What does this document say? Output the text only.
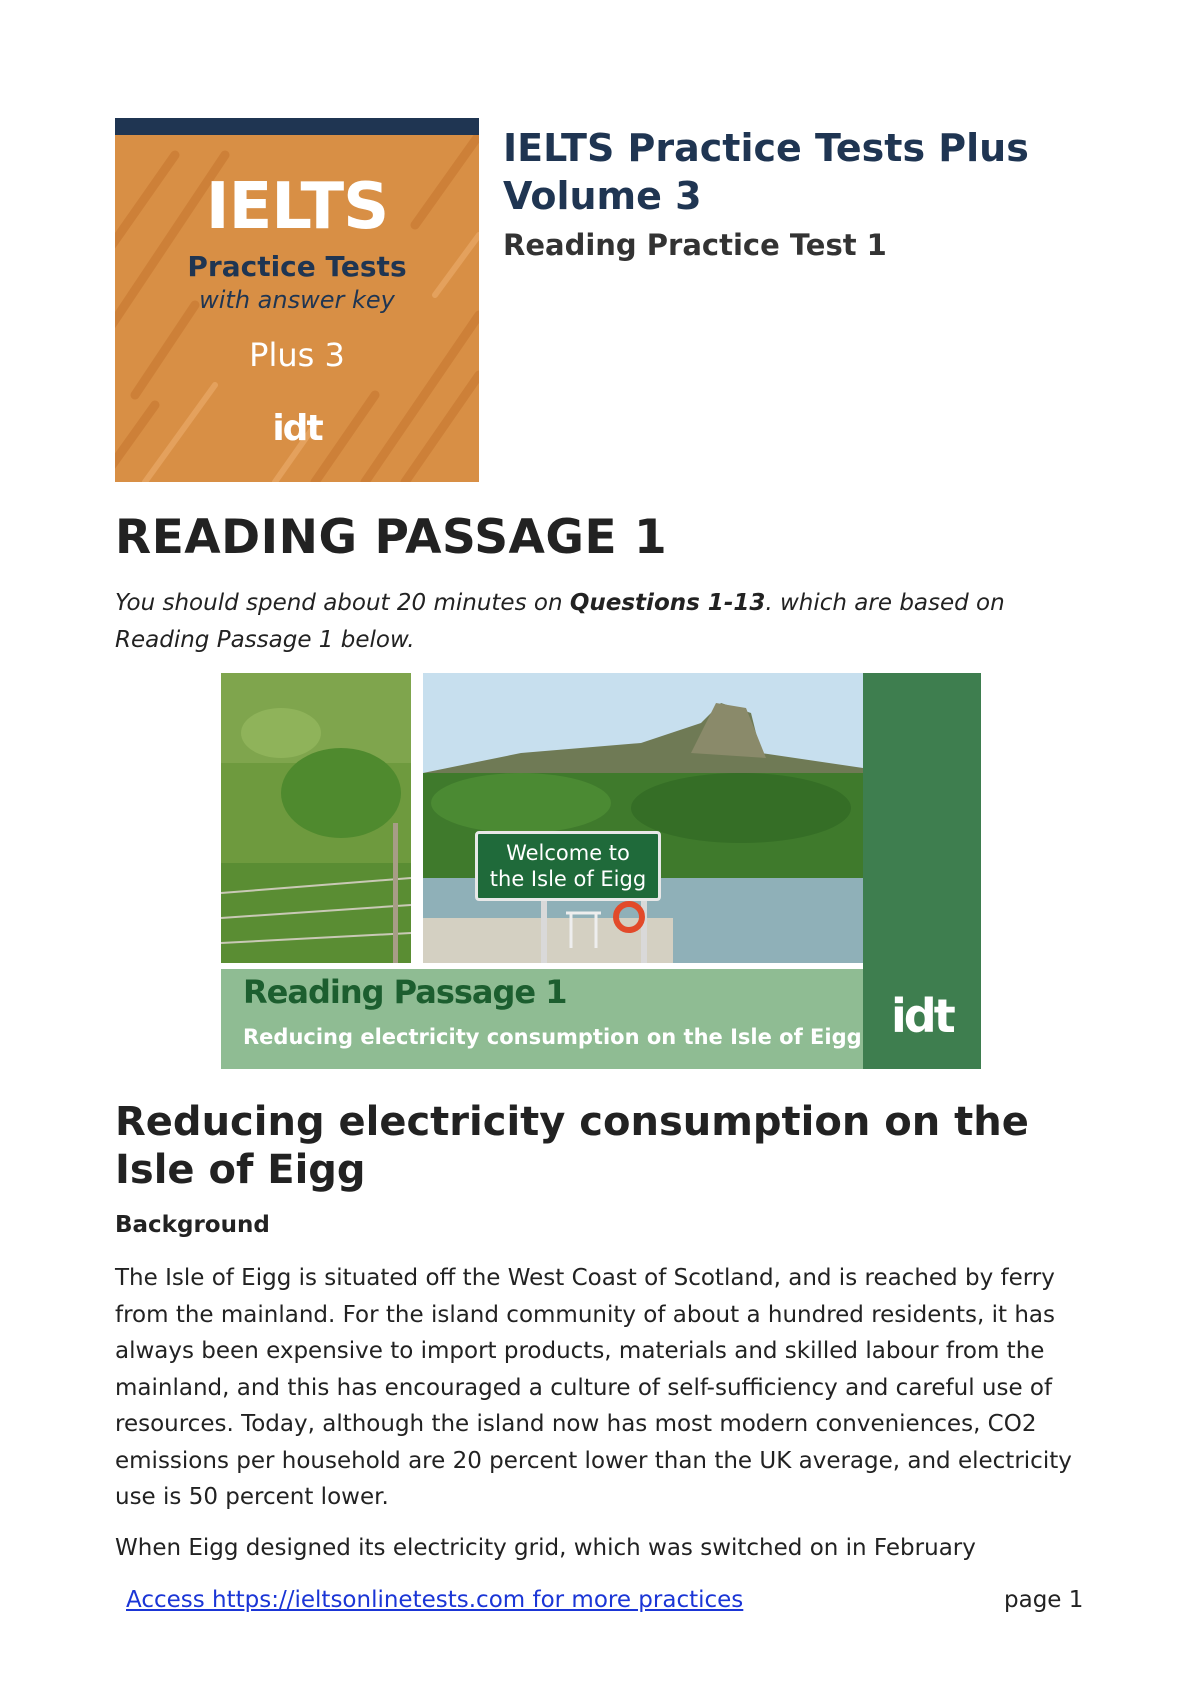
IELTS
Practice Tests
with answer key
Plus 3
idt
IELTS Practice Tests Plus Volume 3
Reading Practice Test 1
READING PASSAGE 1

You should spend about 20 minutes on Questions 1-13. which are based on Reading Passage 1 below.

Welcome to
the Isle of Eigg
Reading Passage 1
Reducing electricity consumption on the Isle of Eigg idt
Reducing electricity consumption on the Isle of Eigg
Background

The Isle of Eigg is situated off the West Coast of Scotland, and is reached by ferry from the mainland. For the island community of about a hundred residents, it has always been expensive to import products, materials and skilled labour from the mainland, and this has encouraged a culture of self-sufficiency and careful use of resources. Today, although the island now has most modern conveniences, CO2 emissions per household are 20 percent lower than the UK average, and electricity use is 50 percent lower.

When Eigg designed its electricity grid, which was switched on in February

Access https://ieltsonlinetests.com for more practices	page 1
